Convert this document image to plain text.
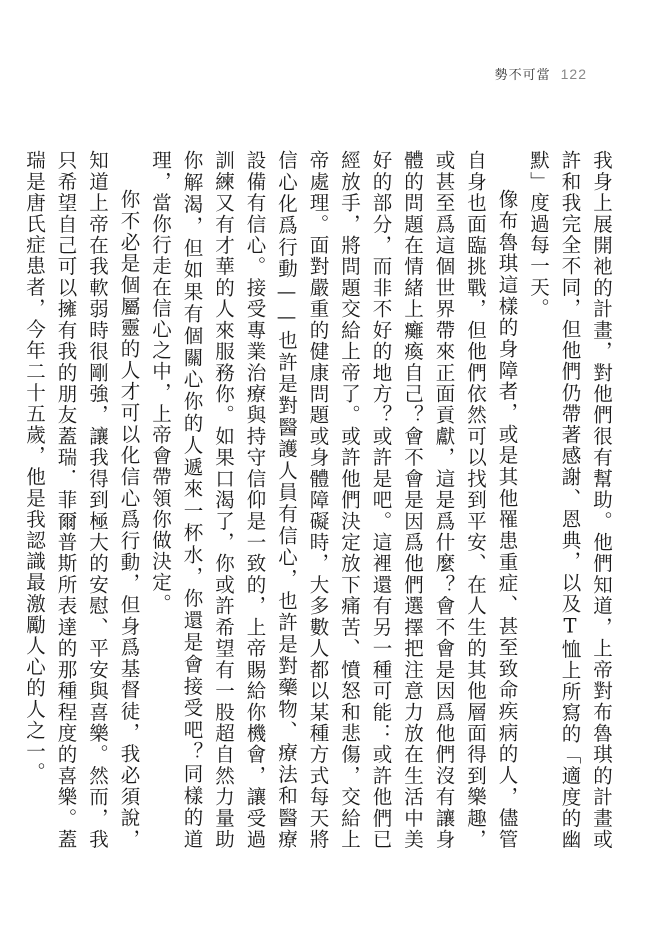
勢不可當 122

我身上展開祂的計畫，對他們很有幫助。他們知道，上帝對布魯琪的計畫或許和我完全不同，但他們仍帶著感謝、恩典，以及T恤上所寫的「適度的幽默」度過每一天。

像布魯琪這樣的身障者，或是其他罹患重症、甚至致命疾病的人，儘管自身也面臨挑戰，但他們依然可以找到平安、在人生的其他層面得到樂趣，或甚至爲這個世界帶來正面貢獻，這是爲什麼？會不會是因爲他們沒有讓身體的問題在情緒上癱瘓自己？會不會是因爲他們選擇把注意力放在生活中美好的部分，而非不好的地方？或許是吧。這裡還有另一種可能：或許他們已經放手，將問題交給上帝了。或許他們決定放下痛苦、憤怒和悲傷，交給上帝處理。面對嚴重的健康問題或身體障礙時，大多數人都以某種方式每天將信心化爲行動——也許是對醫護人員有信心，也許是對藥物、療法和醫療設備有信心。接受專業治療與持守信仰是一致的，上帝賜給你機會，讓受過訓練又有才華的人來服務你。如果口渴了，你或許希望有一股超自然力量助你解渴，但如果有個關心你的人遞來一杯水，你還是會接受吧？同樣的道理，當你行走在信心之中，上帝會帶領你做決定。

你不必是個屬靈的人才可以化信心爲行動，但身爲基督徒，我必須說，知道上帝在我軟弱時很剛強，讓我得到極大的安慰、平安與喜樂。然而，我只希望自己可以擁有我的朋友蓋瑞．菲爾普斯所表達的那種程度的喜樂。蓋瑞是唐氏症患者，今年二十五歲，他是我認識最激勵人心的人之一。
